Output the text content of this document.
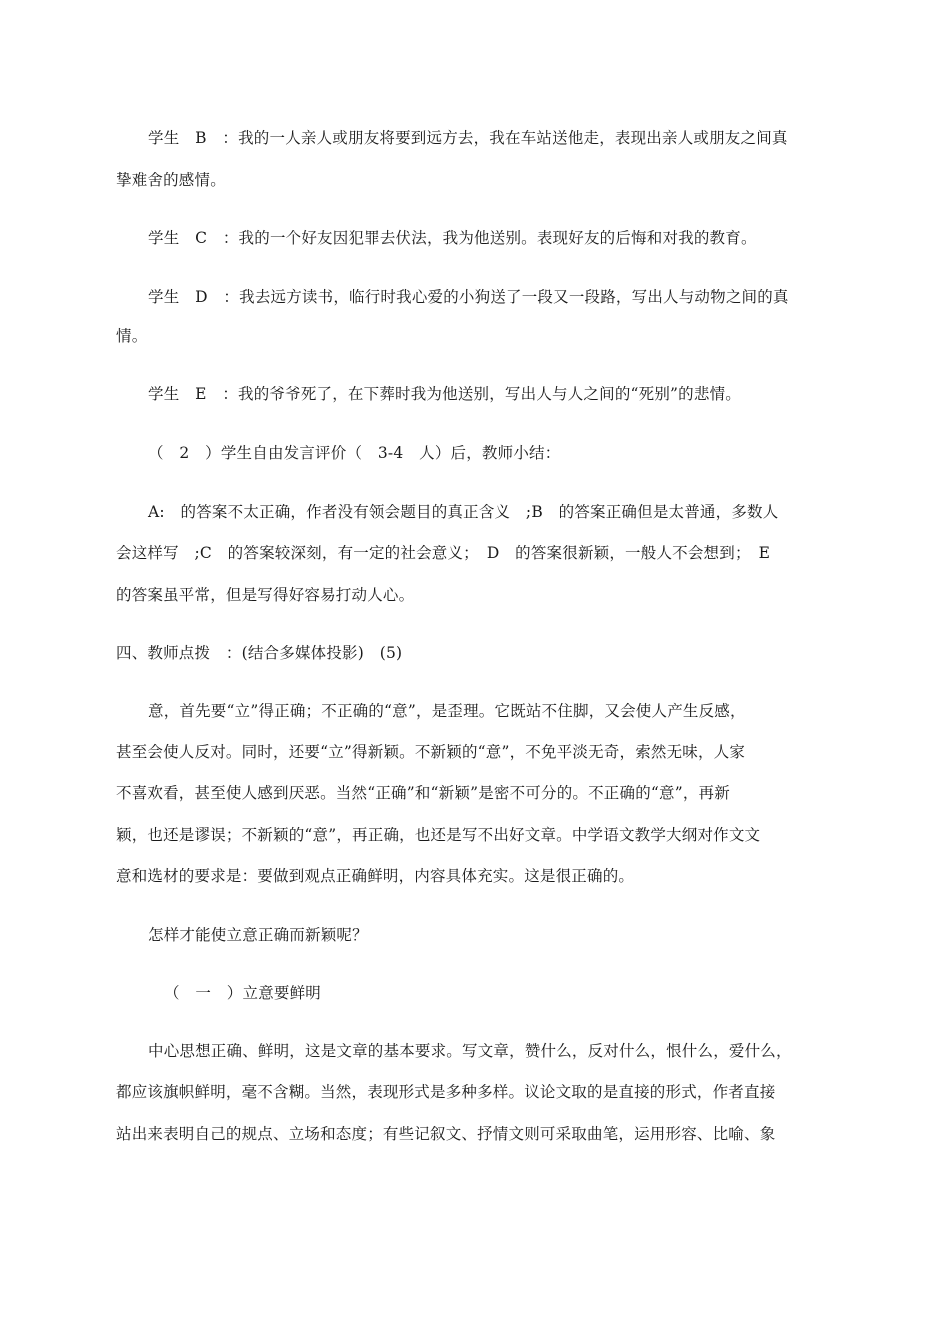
学生　B　：我的一人亲人或朋友将要到远方去，我在车站送他走，表现出亲人或朋友之间真
挚难舍的感情。
学生　C　：我的一个好友因犯罪去伏法，我为他送别。表现好友的后悔和对我的教育。
学生　D　：我去远方读书，临行时我心爱的小狗送了一段又一段路，写出人与动物之间的真
情。
学生　E　：我的爷爷死了，在下葬时我为他送别，写出人与人之间的“死别”的悲情。
（　2　）学生自由发言评价（　3-4　人）后，教师小结：
A:　的答案不太正确，作者没有领会题目的真正含义　;B　的答案正确但是太普通，多数人
会这样写　;C　的答案较深刻，有一定的社会意义；　D　的答案很新颖，一般人不会想到；　E
的答案虽平常，但是写得好容易打动人心。
四、教师点拨　：(结合多媒体投影)　(5)
意，首先要“立”得正确；不正确的“意”，是歪理。它既站不住脚，又会使人产生反感，
甚至会使人反对。同时，还要“立”得新颖。不新颖的“意”，不免平淡无奇，索然无味，人家
不喜欢看，甚至使人感到厌恶。当然“正确”和“新颖”是密不可分的。不正确的“意”，再新
颖，也还是谬误；不新颖的“意”，再正确，也还是写不出好文章。中学语文教学大纲对作文文
意和选材的要求是：要做到观点正确鲜明，内容具体充实。这是很正确的。
怎样才能使立意正确而新颖呢？
（　一　）立意要鲜明
中心思想正确、鲜明，这是文章的基本要求。写文章，赞什么，反对什么，恨什么，爱什么，
都应该旗帜鲜明，毫不含糊。当然，表现形式是多种多样。议论文取的是直接的形式，作者直接
站出来表明自己的规点、立场和态度；有些记叙文、抒情文则可采取曲笔，运用形容、比喻、象
